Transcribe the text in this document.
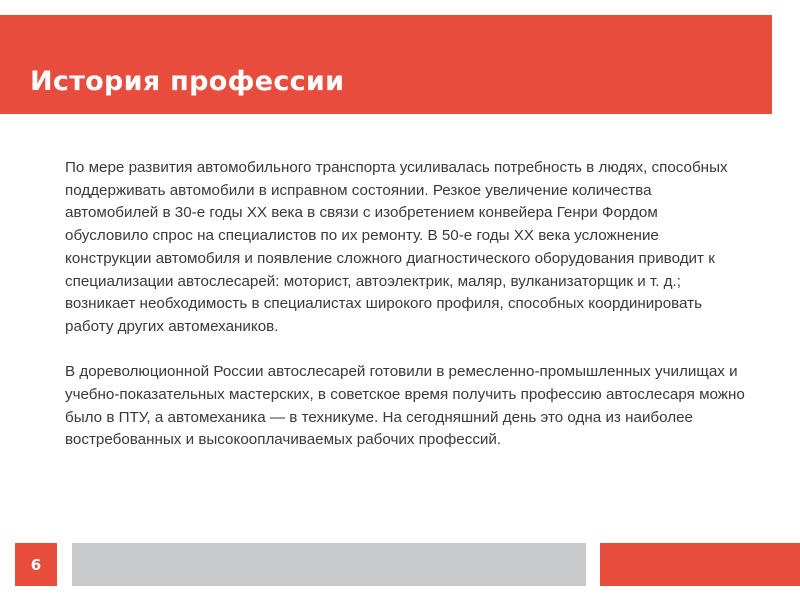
История профессии

По мере развития автомобильного транспорта усиливалась потребность в людях, способных поддерживать автомобили в исправном состоянии. Резкое увеличение количества автомобилей в 30-е годы XX века в связи с изобретением конвейера Генри Фордом обусловило спрос на специалистов по их ремонту. В 50-е годы XX века усложнение конструкции автомобиля и появление сложного диагностического оборудования приводит к специализации автослесарей: моторист, автоэлектрик, маляр, вулканизаторщик и т. д.; возникает необходимость в специалистах широкого профиля, способных координировать работу других автомехаников.

В дореволюционной России автослесарей готовили в ремесленно-промышленных училищах и учебно-показательных мастерских, в советское время получить профессию автослесаря можно было в ПТУ, а автомеханика — в техникуме. На сегодняшний день это одна из наиболее востребованных и высокооплачиваемых рабочих профессий.

6
